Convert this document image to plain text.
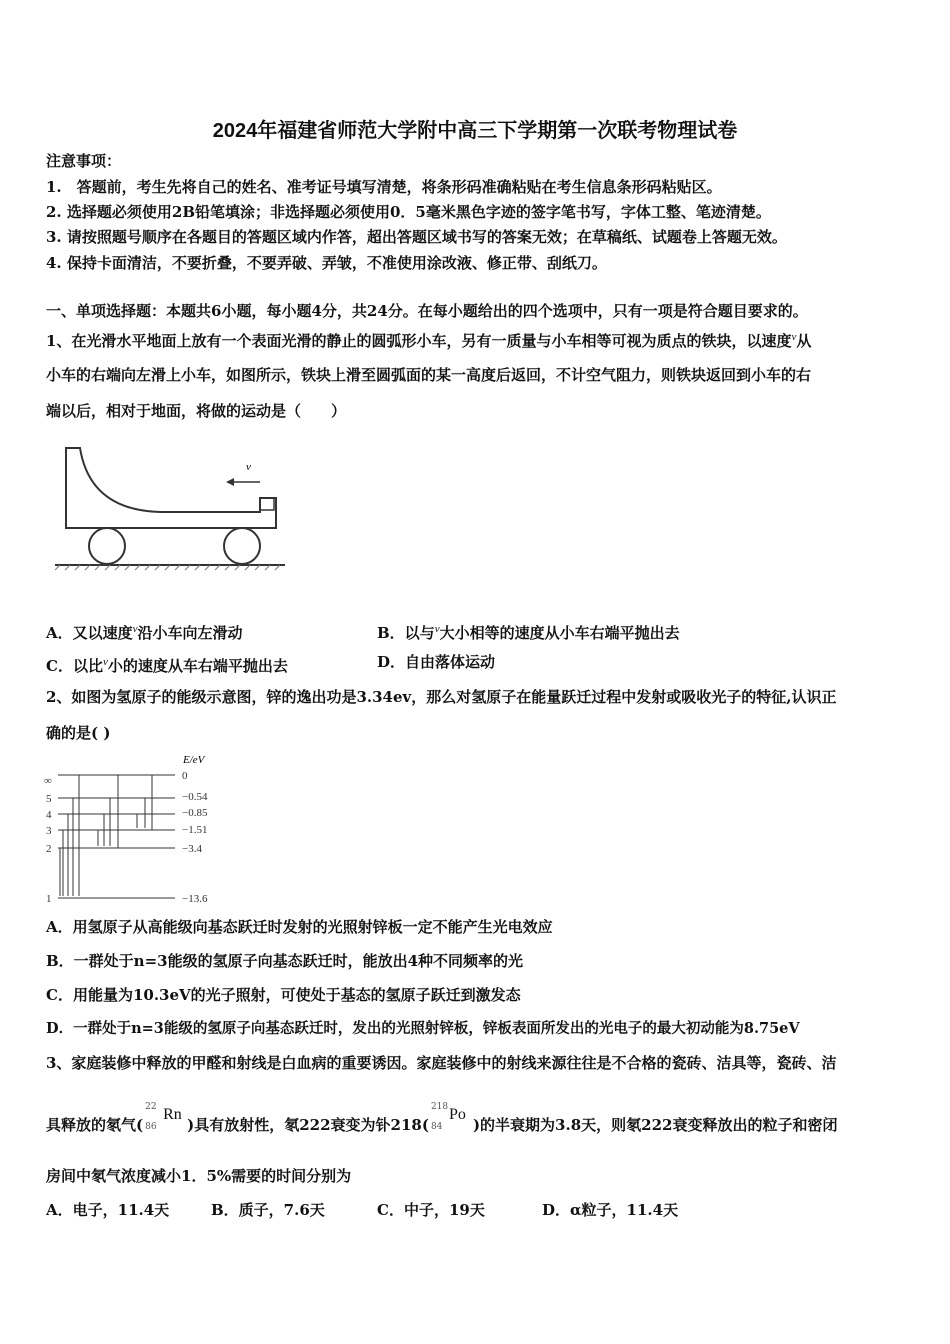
2024年福建省师范大学附中高三下学期第一次联考物理试卷
注意事项：
1.　答题前，考生先将自己的姓名、准考证号填写清楚，将条形码准确粘贴在考生信息条形码粘贴区。
2. 选择题必须使用2B铅笔填涂；非选择题必须使用0．5毫米黑色字迹的签字笔书写，字体工整、笔迹清楚。
3. 请按照题号顺序在各题目的答题区域内作答，超出答题区域书写的答案无效；在草稿纸、试题卷上答题无效。
4. 保持卡面清洁，不要折叠，不要弄破、弄皱，不准使用涂改液、修正带、刮纸刀。
一、单项选择题：本题共6小题，每小题4分，共24分。在每小题给出的四个选项中，只有一项是符合题目要求的。
1、在光滑水平地面上放有一个表面光滑的静止的圆弧形小车，另有一质量与小车相等可视为质点的铁块，以速度$^v$从
小车的右端向左滑上小车，如图所示，铁块上滑至圆弧面的某一高度后返回，不计空气阻力，则铁块返回到小车的右
端以后，相对于地面，将做的运动是（　　）
v
A．又以速度$^v$沿小车向左滑动	B．以与$^v$大小相等的速度从小车右端平抛出去
C．以比$^v$小的速度从车右端平抛出去	D．自由落体运动
2、如图为氢原子的能级示意图，锌的逸出功是3.34ev，那么对氢原子在能量跃迁过程中发射或吸收光子的特征,认识正
确的是( )
E/eV
∞
5
4
3
2
1
0
−0.54
−0.85
−1.51
−3.4
−13.6
A．用氢原子从高能级向基态跃迁时发射的光照射锌板一定不能产生光电效应
B．一群处于n=3能级的氢原子向基态跃迁时，能放出4种不同频率的光
C．用能量为10.3eV的光子照射，可使处于基态的氢原子跃迁到激发态
D．一群处于n=3能级的氢原子向基态跃迁时，发出的光照射锌板，锌板表面所发出的光电子的最大初动能为8.75eV
3、家庭装修中释放的甲醛和射线是白血病的重要诱因。家庭装修中的射线来源往往是不合格的瓷砖、洁具等，瓷砖、洁
具释放的氡气(
22
86
Rn
)具有放射性，氡222衰变为钋218(
218
84
Po
)的半衰期为3.8天，则氡222衰变释放出的粒子和密闭
房间中氡气浓度减小1．5%需要的时间分别为
A．电子，11.4天	B．质子，7.6天	C．中子，19天	D．α粒子，11.4天
